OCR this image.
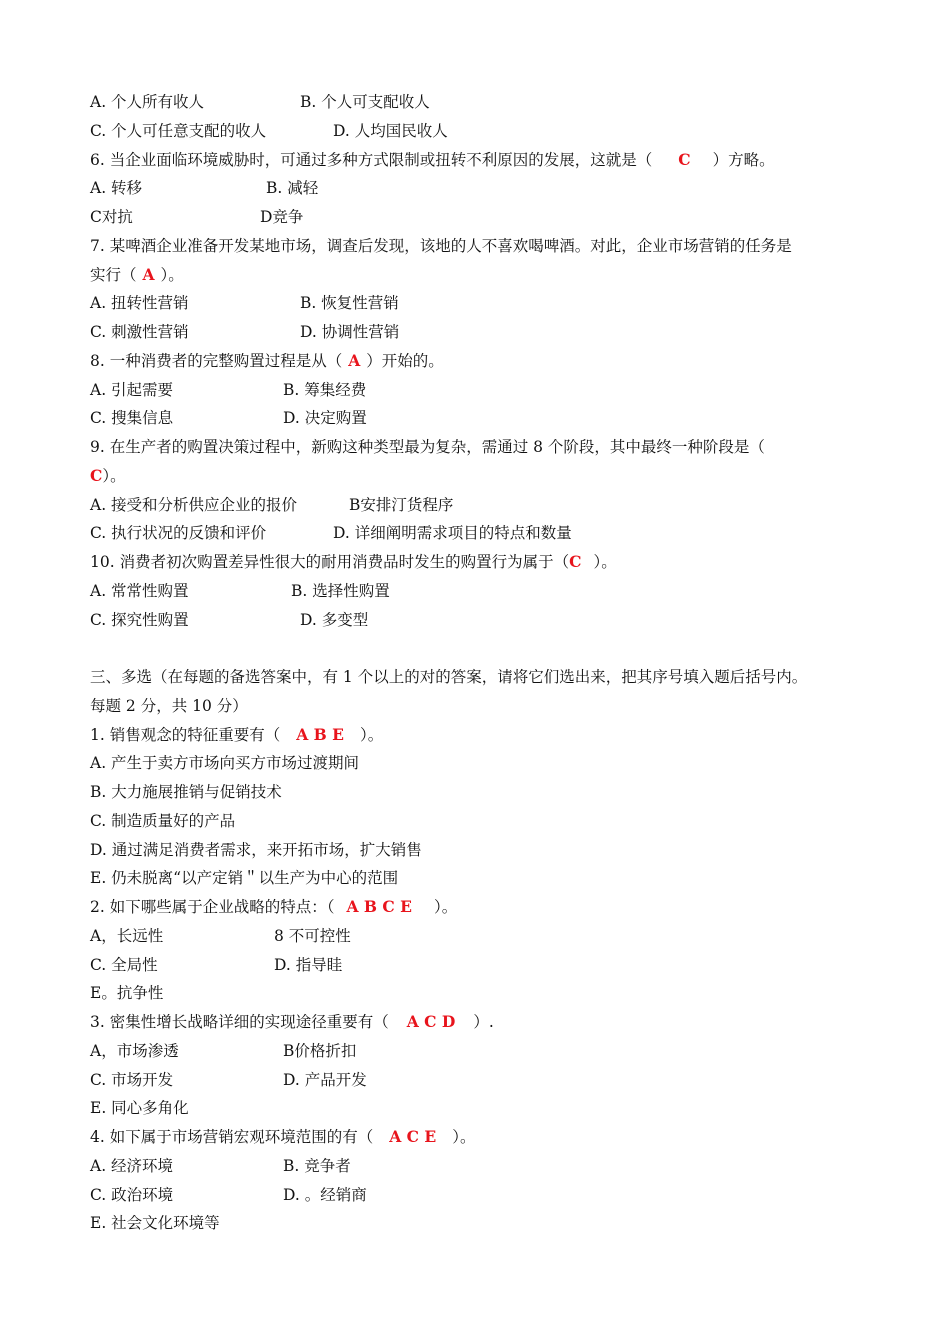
A. 个人所有收人	B. 个人可支配收人
C. 个人可任意支配的收人	D. 人均国民收人
6. 当企业面临环境威胁时，可通过多种方式限制或扭转不利原因的发展，这就是（ C ）方略。
A. 转移	B. 减轻
C对抗	D竞争
7. 某啤酒企业准备开发某地市场，调查后发现，该地的人不喜欢喝啤酒。对此，企业市场营销的任务是
实行（ A ）。
A. 扭转性营销	B. 恢复性营销
C. 刺激性营销	D. 协调性营销
8. 一种消费者的完整购置过程是从（ A ）开始的。
A. 引起需要	B. 筹集经费
C. 搜集信息	D. 决定购置
9. 在生产者的购置决策过程中，新购这种类型最为复杂，需通过 8 个阶段，其中最终一种阶段是（
C）。
A. 接受和分析供应企业的报价	B安排汀货程序
C. 执行状况的反馈和评价	D. 详细阐明需求项目的特点和数量
10. 消费者初次购置差异性很大的耐用消费品时发生的购置行为属于（C ）。
A. 常常性购置	B. 选择性购置
C. 探究性购置	D. 多变型
三、多选（在每题的备选答案中，有 1 个以上的对的答案，请将它们选出来，把其序号填入题后括号内。
每题 2 分，共 10 分）
1. 销售观念的特征重要有（ A B E ）。
A. 产生于卖方市场向买方市场过渡期间
B. 大力施展推销与促销技术
C. 制造质量好的产品
D. 通过满足消费者需求，来开拓市场，扩大销售
E. 仍未脱离“以产定销＂以生产为中心的范围
2. 如下哪些属于企业战略的特点：（ A B C E ）。
A，长远性	8 不可控性
C. 全局性	D. 指导眭
E。抗争性
3. 密集性增长战略详细的实现途径重要有（ A C D ）.
A，市场渗透	B价格折扣
C. 市场开发	D. 产品开发
E. 同心多角化
4. 如下属于市场营销宏观环境范围的有（ A C E ）。
A. 经济环境	B. 竞争者
C. 政治环境	D. 。经销商
E. 社会文化环境等
